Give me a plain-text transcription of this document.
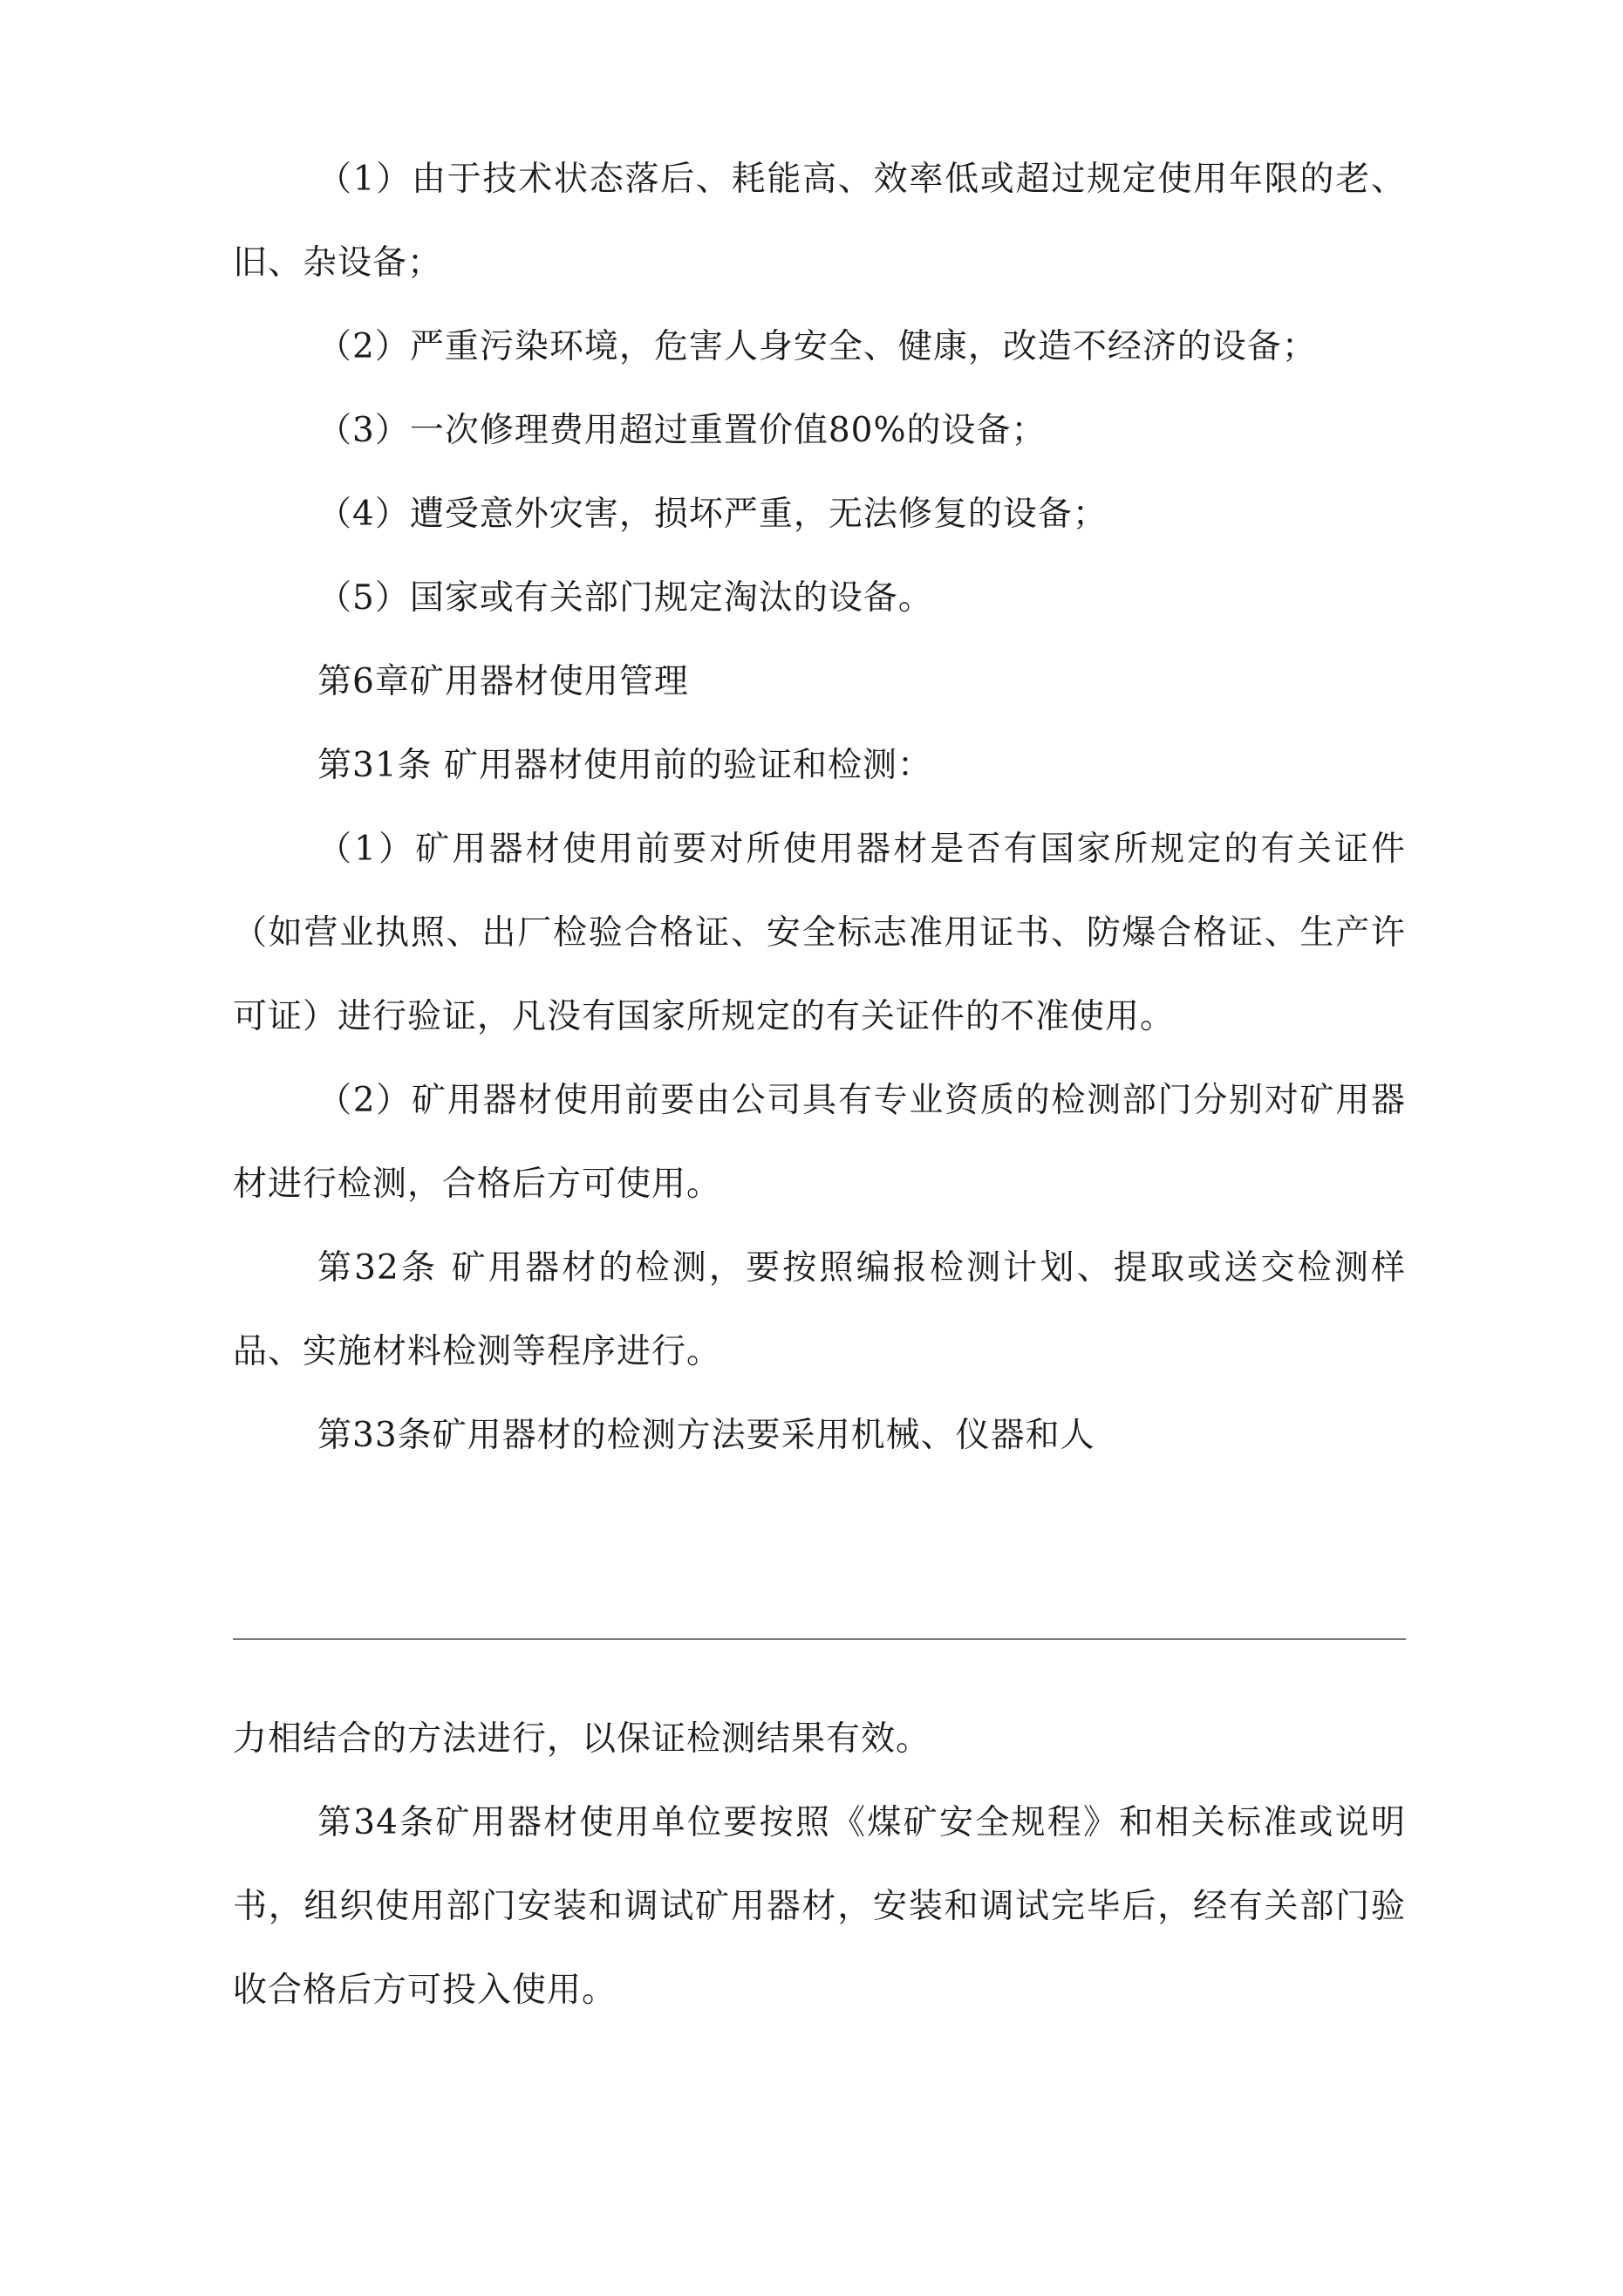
（1）由于技术状态落后、耗能高、效率低或超过规定使用年限的老、旧、杂设备；

（2）严重污染环境，危害人身安全、健康，改造不经济的设备；

（3）一次修理费用超过重置价值80%的设备；

（4）遭受意外灾害，损坏严重，无法修复的设备；

（5）国家或有关部门规定淘汰的设备。

第6章矿用器材使用管理

第31条 矿用器材使用前的验证和检测：

（1）矿用器材使用前要对所使用器材是否有国家所规定的有关证件（如营业执照、出厂检验合格证、安全标志准用证书、防爆合格证、生产许可证）进行验证，凡没有国家所规定的有关证件的不准使用。

（2）矿用器材使用前要由公司具有专业资质的检测部门分别对矿用器材进行检测，合格后方可使用。

第32条 矿用器材的检测，要按照编报检测计划、提取或送交检测样品、实施材料检测等程序进行。

第33条矿用器材的检测方法要采用机械、仪器和人

力相结合的方法进行，以保证检测结果有效。

第34条矿用器材使用单位要按照《煤矿安全规程》和相关标准或说明书，组织使用部门安装和调试矿用器材，安装和调试完毕后，经有关部门验收合格后方可投入使用。
